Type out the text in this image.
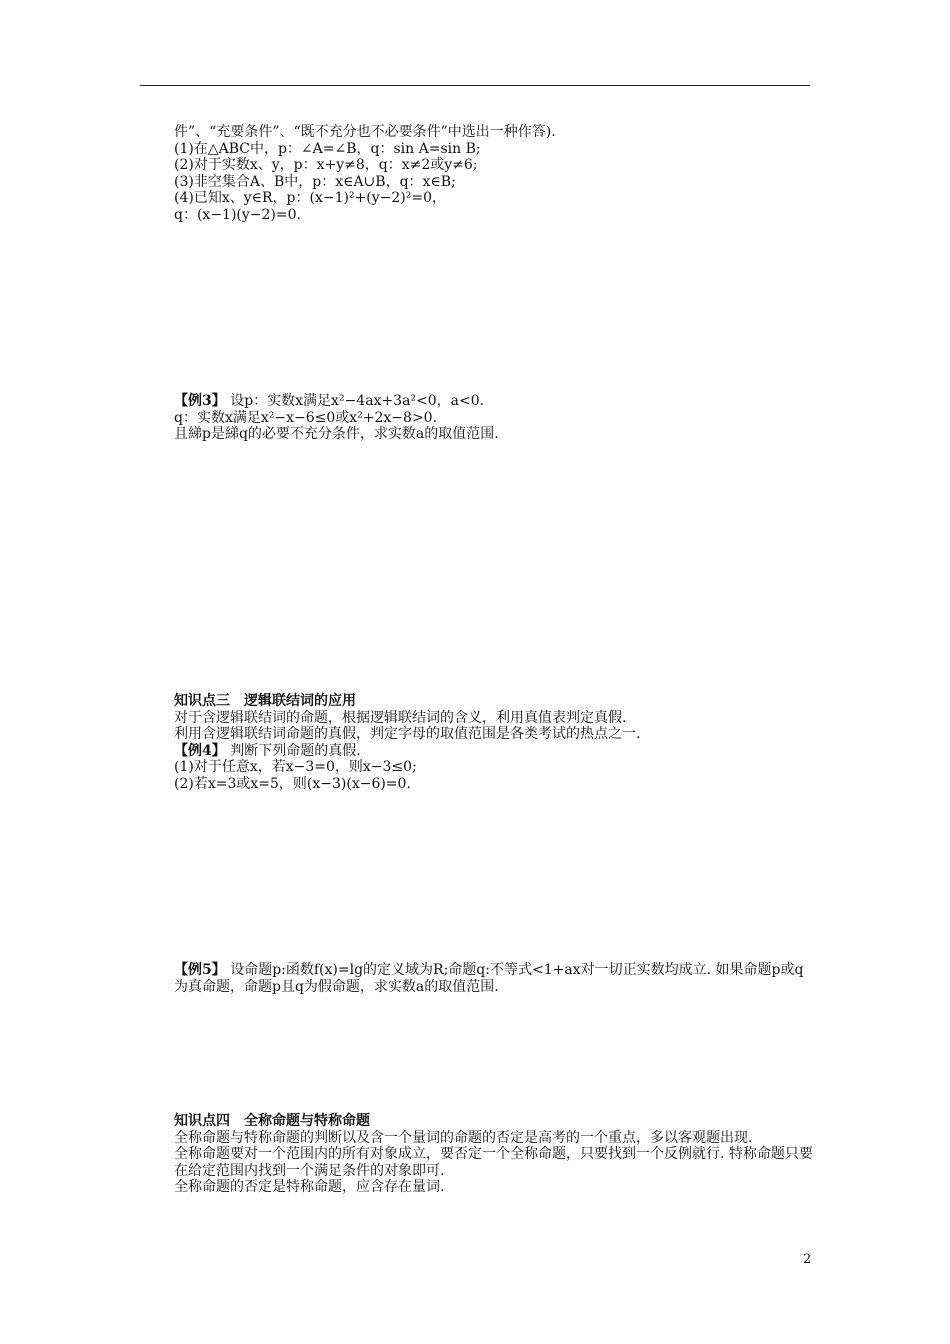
件”、“充要条件”、“既不充分也不必要条件”中选出一种作答).
(1)在△ABC中，p：∠A=∠B，q：sin A=sin B;
(2)对于实数x、y，p：x+y≠8，q：x≠2或y≠6;
(3)非空集合A、B中，p：x∈A∪B，q：x∈B;
(4)已知x、y∈R，p：(x−1)²+(y−2)²=0，
q：(x−1)(y−2)=0.
【例3】 设p：实数x满足x²−4ax+3a²<0，a<0.
q：实数x满足x²−x−6≤0或x²+2x−8>0.
且綈p是綈q的必要不充分条件，求实数a的取值范围.
知识点三　逻辑联结词的应用
对于含逻辑联结词的命题，根据逻辑联结词的含义，利用真值表判定真假.
利用含逻辑联结词命题的真假，判定字母的取值范围是各类考试的热点之一.
【例4】 判断下列命题的真假.
(1)对于任意x，若x−3=0，则x−3≤0;
(2)若x=3或x=5，则(x−3)(x−6)=0.
【例5】 设命题p:函数f(x)=lg的定义域为R;命题q:不等式<1+ax对一切正实数均成立. 如果命题p或q为真命题，命题p且q为假命题，求实数a的取值范围.
知识点四　全称命题与特称命题
全称命题与特称命题的判断以及含一个量词的命题的否定是高考的一个重点，多以客观题出现.
全称命题要对一个范围内的所有对象成立，要否定一个全称命题，只要找到一个反例就行. 特称命题只要在给定范围内找到一个满足条件的对象即可.
全称命题的否定是特称命题，应含存在量词.
2
